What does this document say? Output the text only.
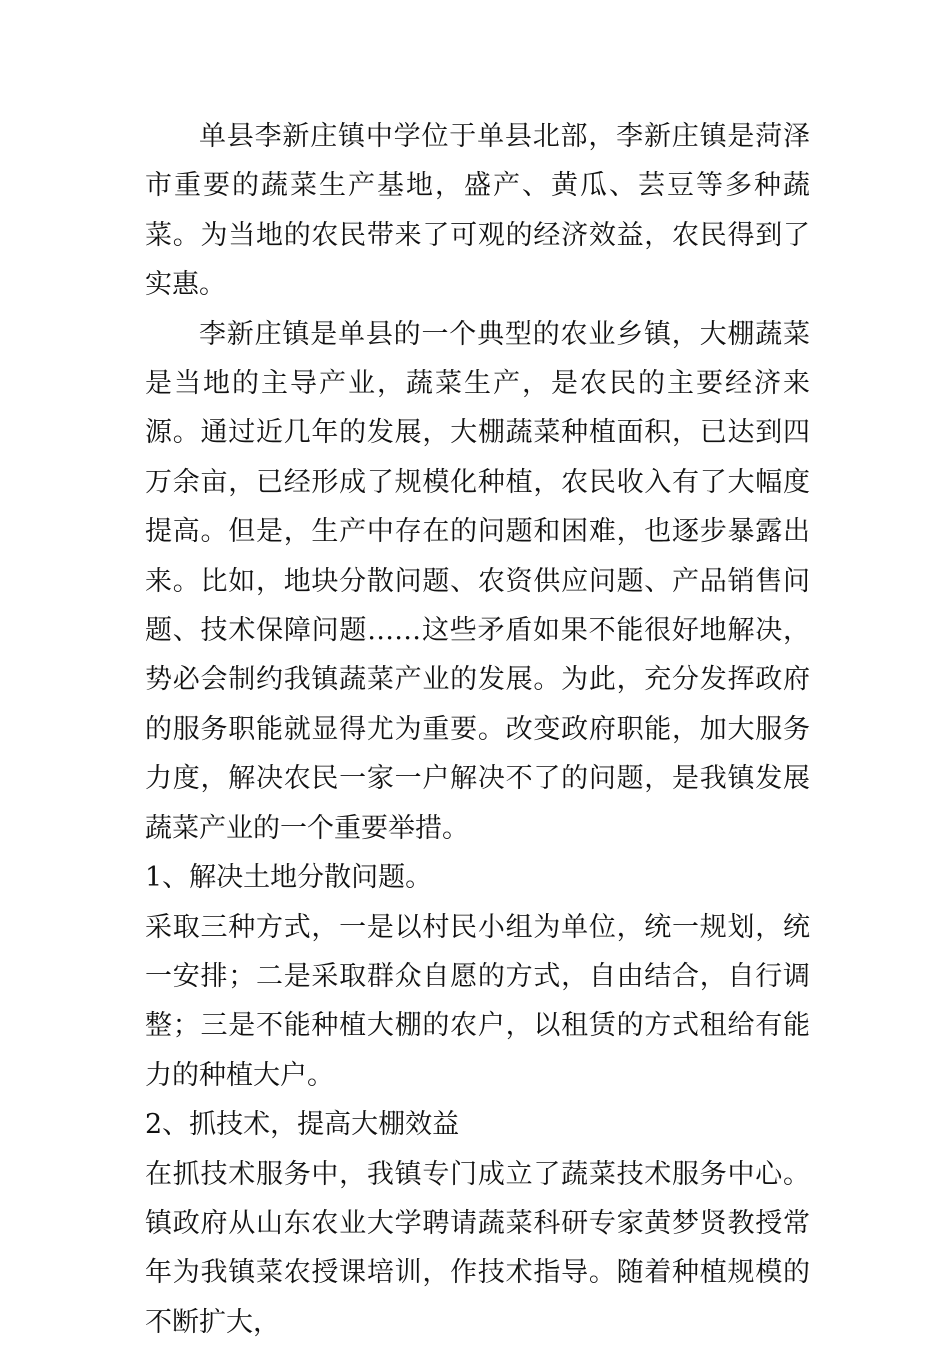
单县李新庄镇中学位于单县北部，李新庄镇是菏泽市重要的蔬菜生产基地，盛产、黄瓜、芸豆等多种蔬菜。为当地的农民带来了可观的经济效益，农民得到了实惠。

李新庄镇是单县的一个典型的农业乡镇，大棚蔬菜是当地的主导产业，蔬菜生产，是农民的主要经济来源。通过近几年的发展，大棚蔬菜种植面积，已达到四万余亩，已经形成了规模化种植，农民收入有了大幅度提高。但是，生产中存在的问题和困难，也逐步暴露出来。比如，地块分散问题、农资供应问题、产品销售问题、技术保障问题……这些矛盾如果不能很好地解决，势必会制约我镇蔬菜产业的发展。为此，充分发挥政府的服务职能就显得尤为重要。改变政府职能，加大服务力度，解决农民一家一户解决不了的问题，是我镇发展蔬菜产业的一个重要举措。

1、解决土地分散问题。

采取三种方式，一是以村民小组为单位，统一规划，统一安排；二是采取群众自愿的方式，自由结合，自行调整；三是不能种植大棚的农户，以租赁的方式租给有能力的种植大户。

2、抓技术，提高大棚效益

在抓技术服务中，我镇专门成立了蔬菜技术服务中心。镇政府从山东农业大学聘请蔬菜科研专家黄梦贤教授常年为我镇菜农授课培训，作技术指导。随着种植规模的不断扩大，
